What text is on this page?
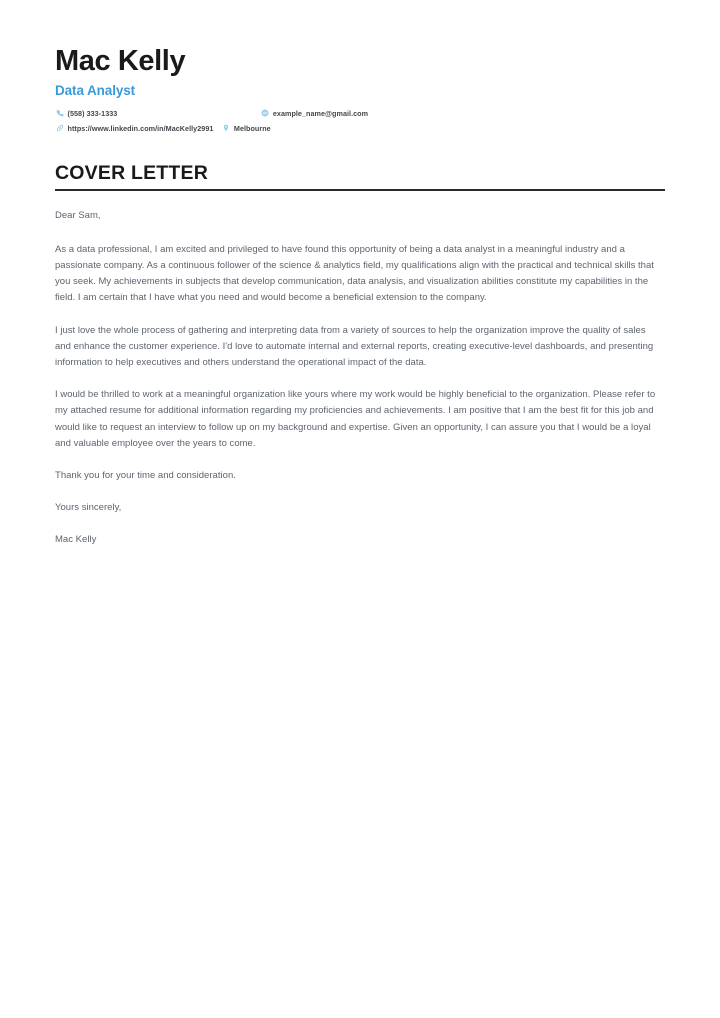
Mac Kelly
Data Analyst
(558) 333-1333	example_name@gmail.com
https://www.linkedin.com/in/MacKelly2991	Melbourne
COVER LETTER

Dear Sam,

As a data professional, I am excited and privileged to have found this opportunity of being a data analyst in a meaningful industry and a passionate company. As a continuous follower of the science & analytics field, my qualifications align with the practical and technical skills that you seek. My achievements in subjects that develop communication, data analysis, and visualization abilities constitute my capabilities in the field. I am certain that I have what you need and would become a beneficial extension to the company.

I just love the whole process of gathering and interpreting data from a variety of sources to help the organization improve the quality of sales and enhance the customer experience. I'd love to automate internal and external reports, creating executive-level dashboards, and presenting information to help executives and others understand the operational impact of the data.

I would be thrilled to work at a meaningful organization like yours where my work would be highly beneficial to the organization. Please refer to my attached resume for additional information regarding my proficiencies and achievements. I am positive that I am the best fit for this job and would like to request an interview to follow up on my background and expertise. Given an opportunity, I can assure you that I would be a loyal and valuable employee over the years to come.

Thank you for your time and consideration.

Yours sincerely,

Mac Kelly
